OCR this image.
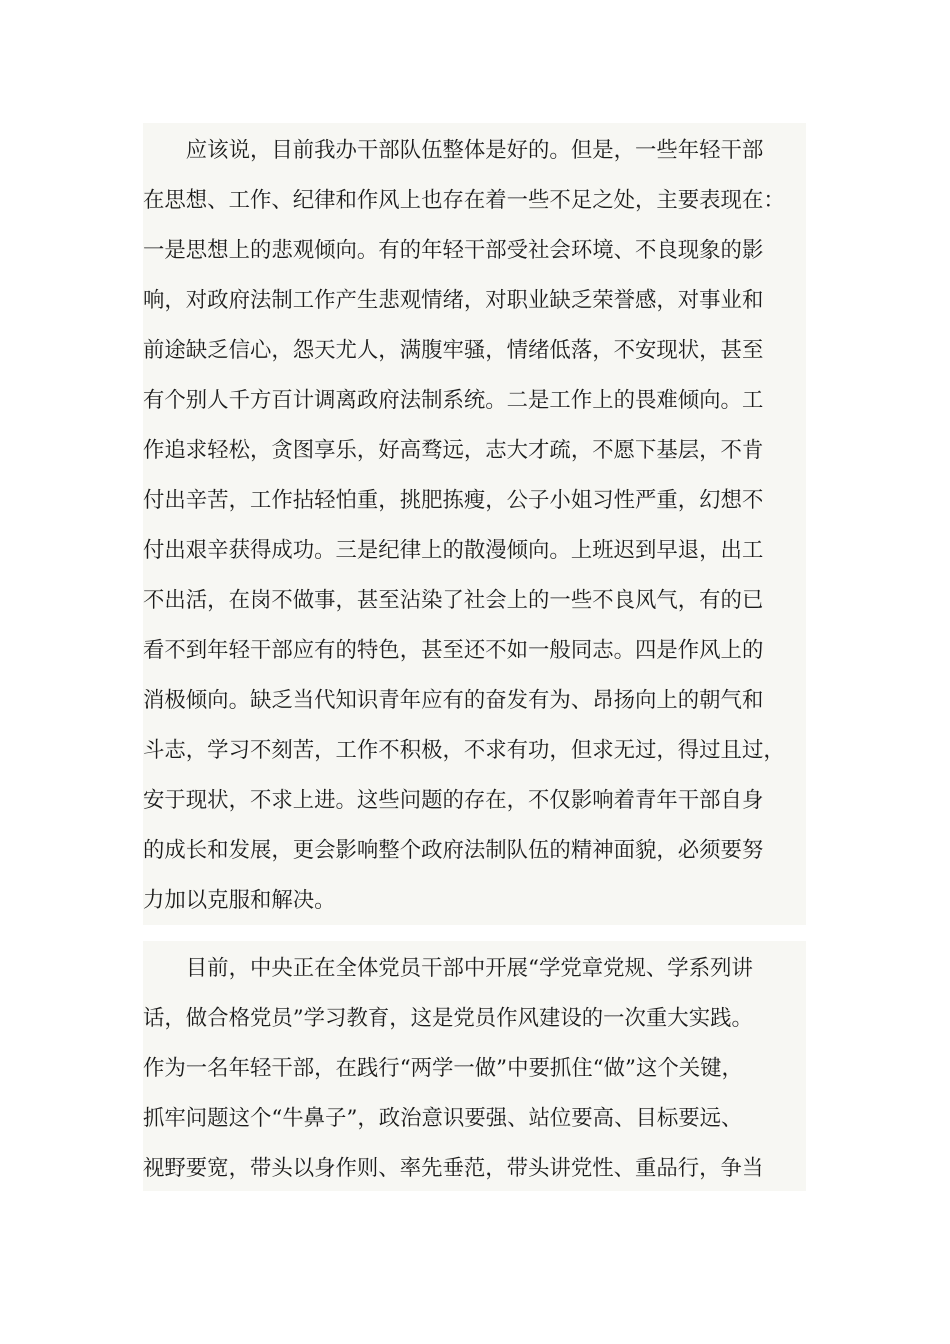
　　应该说，目前我办干部队伍整体是好的。但是，一些年轻干部
在思想、工作、纪律和作风上也存在着一些不足之处，主要表现在：
一是思想上的悲观倾向。有的年轻干部受社会环境、不良现象的影
响，对政府法制工作产生悲观情绪，对职业缺乏荣誉感，对事业和
前途缺乏信心，怨天尤人，满腹牢骚，情绪低落，不安现状，甚至
有个别人千方百计调离政府法制系统。二是工作上的畏难倾向。工
作追求轻松，贪图享乐，好高骛远，志大才疏，不愿下基层，不肯
付出辛苦，工作拈轻怕重，挑肥拣瘦，公子小姐习性严重，幻想不
付出艰辛获得成功。三是纪律上的散漫倾向。上班迟到早退，出工
不出活，在岗不做事，甚至沾染了社会上的一些不良风气，有的已
看不到年轻干部应有的特色，甚至还不如一般同志。四是作风上的
消极倾向。缺乏当代知识青年应有的奋发有为、昂扬向上的朝气和
斗志，学习不刻苦，工作不积极，不求有功，但求无过，得过且过，
安于现状，不求上进。这些问题的存在，不仅影响着青年干部自身
的成长和发展，更会影响整个政府法制队伍的精神面貌，必须要努
力加以克服和解决。
　　目前，中央正在全体党员干部中开展“学党章党规、学系列讲
话，做合格党员”学习教育，这是党员作风建设的一次重大实践。
作为一名年轻干部，在践行“两学一做”中要抓住“做”这个关键，
抓牢问题这个“牛鼻子”，政治意识要强、站位要高、目标要远、
视野要宽，带头以身作则、率先垂范，带头讲党性、重品行，争当
